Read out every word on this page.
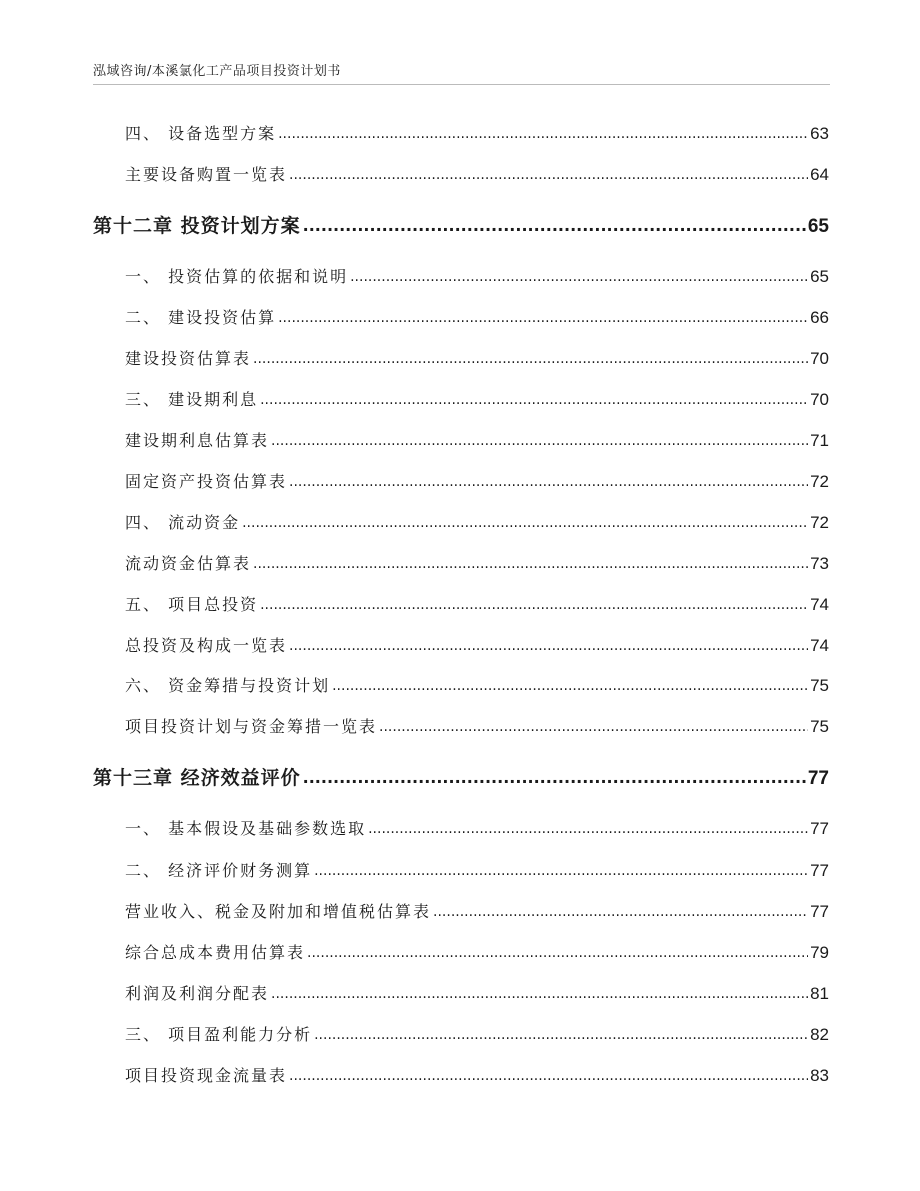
泓域咨询/本溪氯化工产品项目投资计划书
四、 设备选型方案 .....	63
主要设备购置一览表 .....	64
第十二章 投资计划方案 .....	65
一、 投资估算的依据和说明 .....	65
二、 建设投资估算 .....	66
建设投资估算表 .....	70
三、 建设期利息 .....	70
建设期利息估算表 .....	71
固定资产投资估算表 .....	72
四、 流动资金 .....	72
流动资金估算表 .....	73
五、 项目总投资 .....	74
总投资及构成一览表 .....	74
六、 资金筹措与投资计划 .....	75
项目投资计划与资金筹措一览表 .....	75
第十三章 经济效益评价 .....	77
一、 基本假设及基础参数选取 .....	77
二、 经济评价财务测算 .....	77
营业收入、税金及附加和增值税估算表 .....	77
综合总成本费用估算表 .....	79
利润及利润分配表 .....	81
三、 项目盈利能力分析 .....	82
项目投资现金流量表 .....	83
